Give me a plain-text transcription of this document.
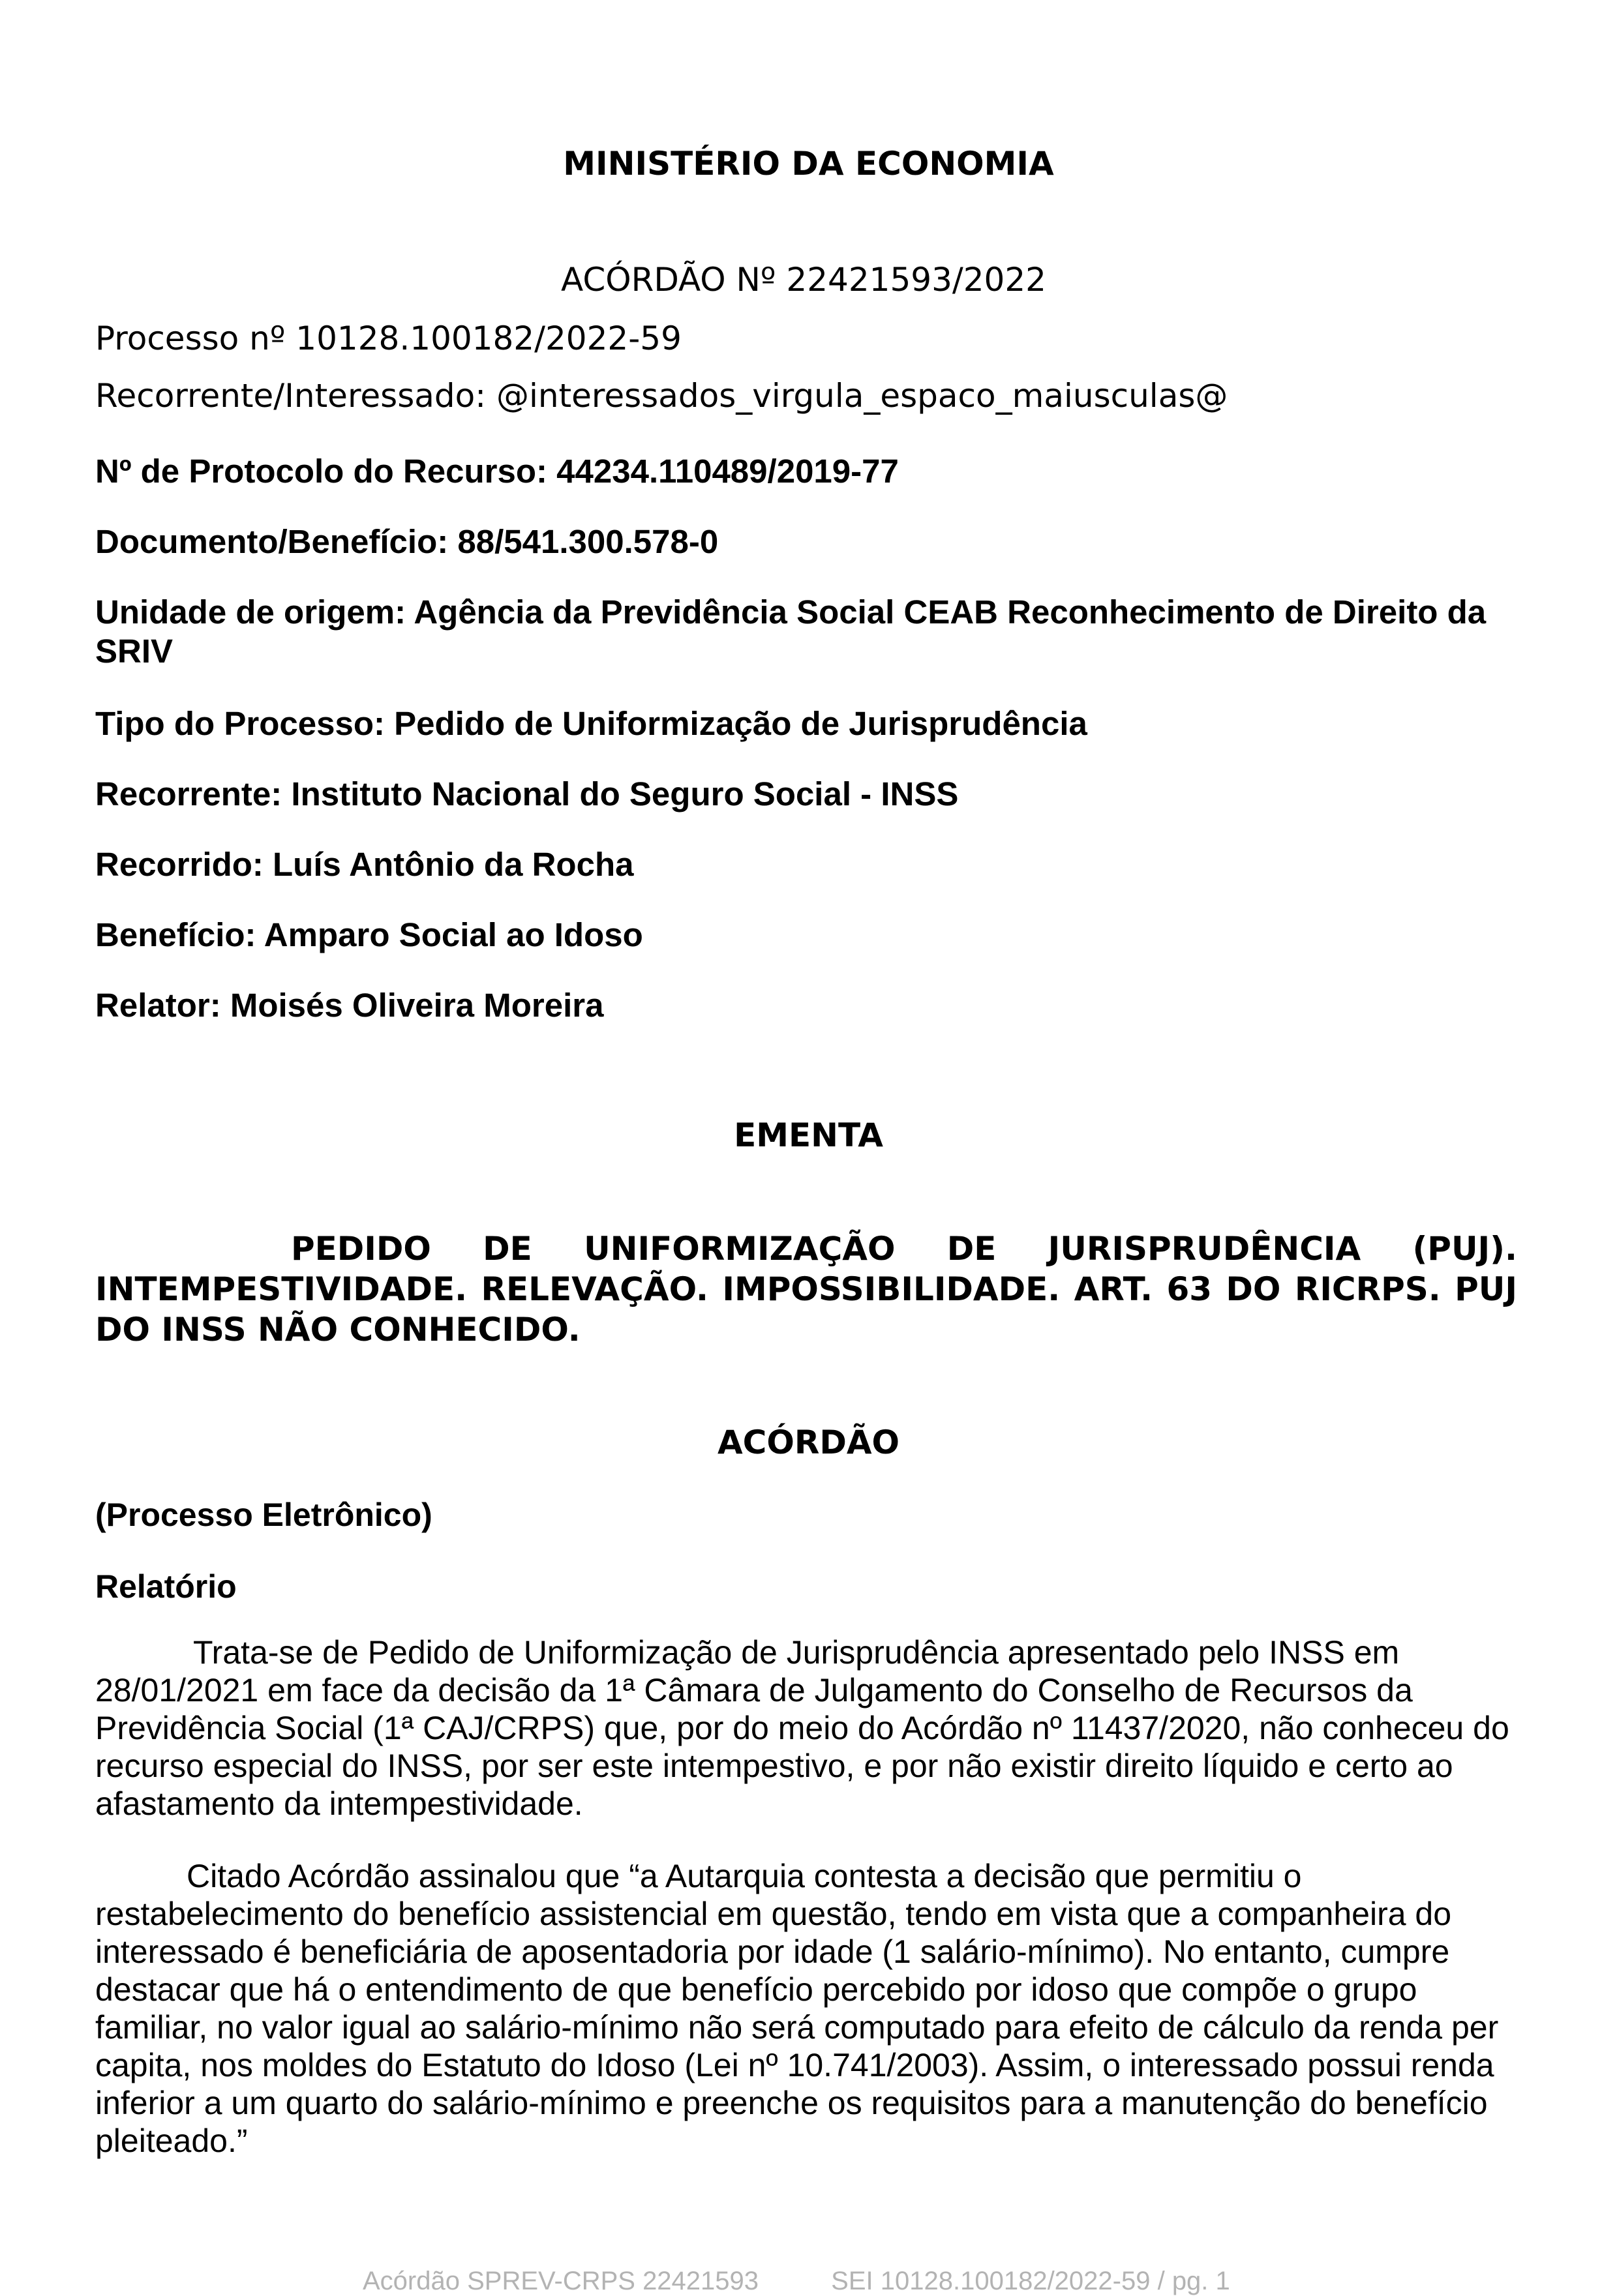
MINISTÉRIO DA ECONOMIA
ACÓRDÃO Nº 22421593/2022
Processo nº 10128.100182/2022-59
Recorrente/Interessado: @interessados_virgula_espaco_maiusculas@
Nº de Protocolo do Recurso: 44234.110489/2019-77
Documento/Benefício: 88/541.300.578-0
Unidade de origem: Agência da Previdência Social CEAB Reconhecimento de Direito da SRIV
Tipo do Processo: Pedido de Uniformização de Jurisprudência
Recorrente: Instituto Nacional do Seguro Social - INSS
Recorrido: Luís Antônio da Rocha
Benefício: Amparo Social ao Idoso
Relator: Moisés Oliveira Moreira
EMENTA
PEDIDO DE UNIFORMIZAÇÃO DE JURISPRUDÊNCIA (PUJ). INTEMPESTIVIDADE. RELEVAÇÃO. IMPOSSIBILIDADE. ART. 63 DO RICRPS. PUJ DO INSS NÃO CONHECIDO.
ACÓRDÃO
(Processo Eletrônico)
Relatório
Trata-se de Pedido de Uniformização de Jurisprudência apresentado pelo INSS em 28/01/2021 em face da decisão da 1ª Câmara de Julgamento do Conselho de Recursos da Previdência Social (1ª CAJ/CRPS) que, por do meio do Acórdão nº 11437/2020, não conheceu do recurso especial do INSS, por ser este intempestivo, e por não existir direito líquido e certo ao afastamento da intempestividade.
Citado Acórdão assinalou que “a Autarquia contesta a decisão que permitiu o restabelecimento do benefício assistencial em questão, tendo em vista que a companheira do interessado é beneficiária de aposentadoria por idade (1 salário-mínimo). No entanto, cumpre destacar que há o entendimento de que benefício percebido por idoso que compõe o grupo familiar, no valor igual ao salário-mínimo não será computado para efeito de cálculo da renda per capita, nos moldes do Estatuto do Idoso (Lei nº 10.741/2003). Assim, o interessado possui renda inferior a um quarto do salário-mínimo e preenche os requisitos para a manutenção do benefício pleiteado.”
Acórdão SPREV-CRPS 22421593	SEI 10128.100182/2022-59 / pg. 1
